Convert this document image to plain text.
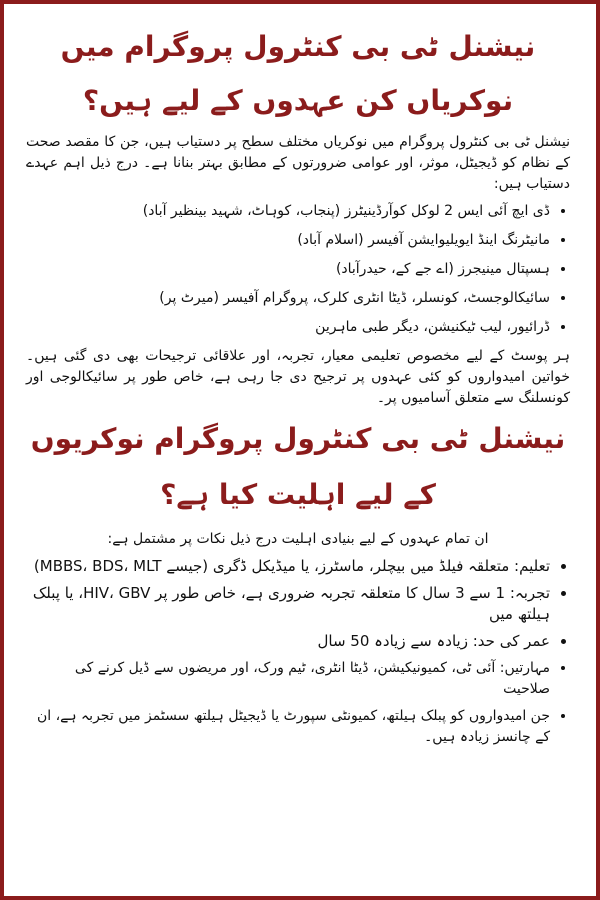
نیشنل ٹی بی کنٹرول پروگرام میں نوکریاں کن عہدوں کے لیے ہیں؟

نیشنل ٹی بی کنٹرول پروگرام میں نوکریاں مختلف سطح پر دستیاب ہیں، جن کا مقصد صحت کے نظام کو ڈیجیٹل، موثر، اور عوامی ضرورتوں کے مطابق بہتر بنانا ہے۔ درج ذیل اہم عہدے دستیاب ہیں:

• ڈی ایچ آئی ایس 2 لوکل کوآرڈینیٹرز (پنجاب، کوہاٹ، شہید بینظیر آباد)
• مانیٹرنگ اینڈ ایویلیوایشن آفیسر (اسلام آباد)
• ہسپتال مینیجرز (اے جے کے، حیدرآباد)
• سائیکالوجسٹ، کونسلر، ڈیٹا انٹری کلرک، پروگرام آفیسر (میرٹ پر)
• ڈرائیور، لیب ٹیکنیشن، دیگر طبی ماہرین

ہر پوسٹ کے لیے مخصوص تعلیمی معیار، تجربہ، اور علاقائی ترجیحات بھی دی گئی ہیں۔ خواتین امیدواروں کو کئی عہدوں پر ترجیح دی جا رہی ہے، خاص طور پر سائیکالوجی اور کونسلنگ سے متعلق آسامیوں پر۔

نیشنل ٹی بی کنٹرول پروگرام نوکریوں کے لیے اہلیت کیا ہے؟

ان تمام عہدوں کے لیے بنیادی اہلیت درج ذیل نکات پر مشتمل ہے:

• تعلیم: متعلقہ فیلڈ میں بیچلر، ماسٹرز، یا میڈیکل ڈگری (جیسے MBBS، BDS، MLT)
• تجربہ: 1 سے 3 سال کا متعلقہ تجربہ ضروری ہے، خاص طور پر HIV، GBV، یا پبلک ہیلتھ میں
• عمر کی حد: زیادہ سے زیادہ 50 سال
• مہارتیں: آئی ٹی، کمیونیکیشن، ڈیٹا انٹری، ٹیم ورک، اور مریضوں سے ڈیل کرنے کی صلاحیت
• جن امیدواروں کو پبلک ہیلتھ، کمیونٹی سپورٹ یا ڈیجیٹل ہیلتھ سسٹمز میں تجربہ ہے، ان کے چانسز زیادہ ہیں۔
